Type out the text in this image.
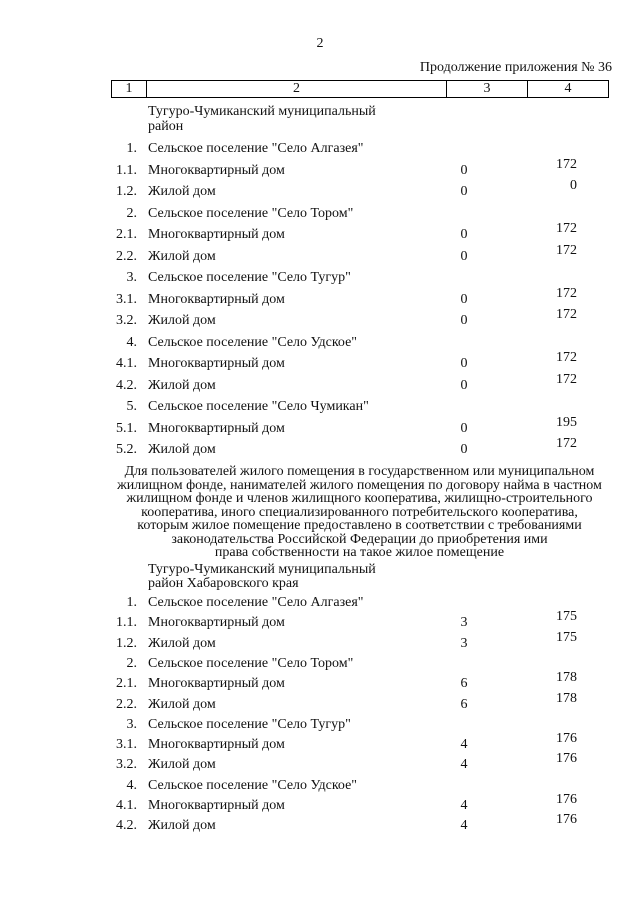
2
Продолжение приложения № 36
1	2	3	4
Тугуро-Чумиканский муниципальный
район
1. Сельское поселение "Село Алгазея"
1.1. Многоквартирный дом	0	172
1.2. Жилой дом	0	0
2. Сельское поселение "Село Тором"
2.1. Многоквартирный дом	0	172
2.2. Жилой дом	0	172
3. Сельское поселение "Село Тугур"
3.1. Многоквартирный дом	0	172
3.2. Жилой дом	0	172
4. Сельское поселение "Село Удское"
4.1. Многоквартирный дом	0	172
4.2. Жилой дом	0	172
5. Сельское поселение "Село Чумикан"
5.1. Многоквартирный дом	0	195
5.2. Жилой дом	0	172
Для пользователей жилого помещения в государственном или муниципальном
жилищном фонде, нанимателей жилого помещения по договору найма в частном
жилищном фонде и членов жилищного кооператива, жилищно-строительного
кооператива, иного специализированного потребительского кооператива,
которым жилое помещение предоставлено в соответствии с требованиями
законодательства Российской Федерации до приобретения ими
права собственности на такое жилое помещение
Тугуро-Чумиканский муниципальный
район Хабаровского края
1. Сельское поселение "Село Алгазея"
1.1. Многоквартирный дом	3	175
1.2. Жилой дом	3	175
2. Сельское поселение "Село Тором"
2.1. Многоквартирный дом	6	178
2.2. Жилой дом	6	178
3. Сельское поселение "Село Тугур"
3.1. Многоквартирный дом	4	176
3.2. Жилой дом	4	176
4. Сельское поселение "Село Удское"
4.1. Многоквартирный дом	4	176
4.2. Жилой дом	4	176
